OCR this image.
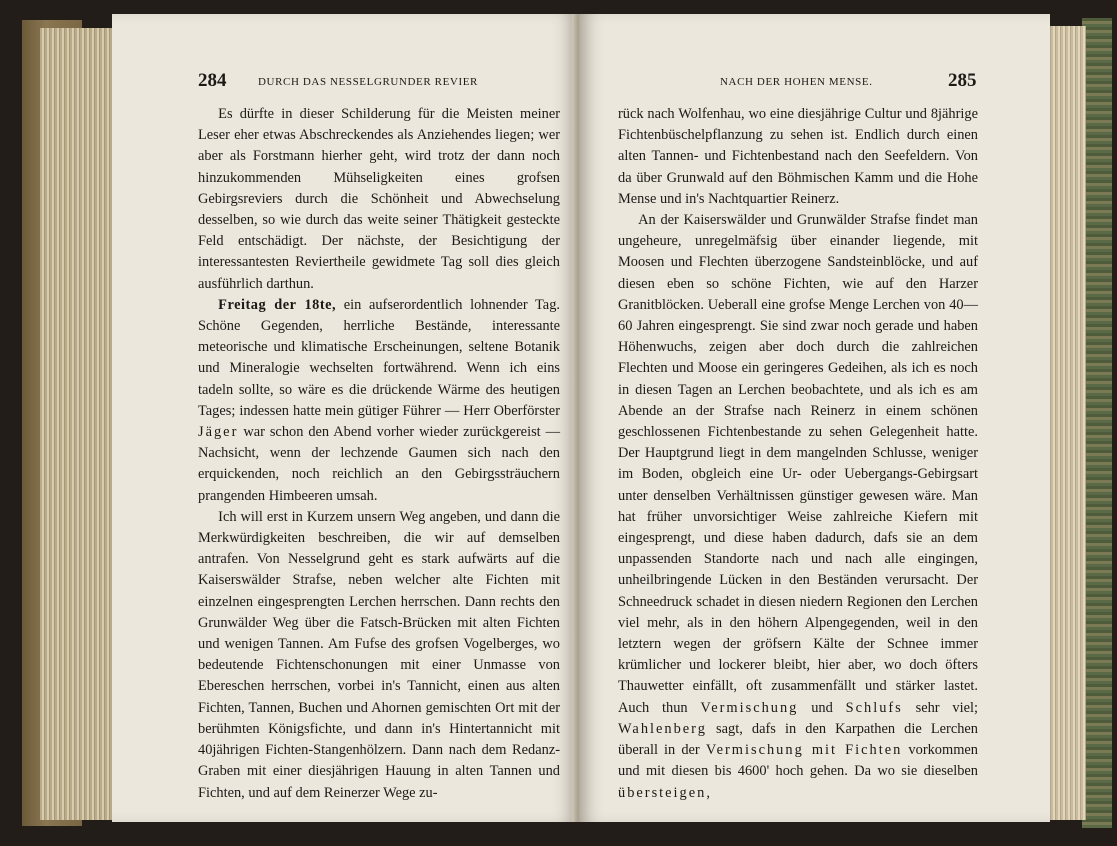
284	DURCH DAS NESSELGRUNDER REVIER

Es dürfte in dieser Schilderung für die Meisten meiner Leser eher etwas Abschreckendes als Anziehendes liegen; wer aber als Forstmann hierher geht, wird trotz der dann noch hinzukommenden Mühseligkeiten eines grofsen Gebirgsreviers durch die Schönheit und Abwechselung desselben, so wie durch das weite seiner Thätigkeit gesteckte Feld entschädigt. Der nächste, der Besichtigung der interessantesten Reviertheile gewidmete Tag soll dies gleich ausführlich darthun.

Freitag der 18te, ein aufserordentlich lohnender Tag. Schöne Gegenden, herrliche Bestände, interessante meteorische und klimatische Erscheinungen, seltene Botanik und Mineralogie wechselten fortwährend. Wenn ich eins tadeln sollte, so wäre es die drückende Wärme des heutigen Tages; indessen hatte mein gütiger Führer — Herr Oberförster Jäger war schon den Abend vorher wieder zurückgereist — Nachsicht, wenn der lechzende Gaumen sich nach den erquickenden, noch reichlich an den Gebirgssträuchern prangenden Himbeeren umsah.

Ich will erst in Kurzem unsern Weg angeben, und dann die Merkwürdigkeiten beschreiben, die wir auf demselben antrafen. Von Nesselgrund geht es stark aufwärts auf die Kaiserswälder Strafse, neben welcher alte Fichten mit einzelnen eingesprengten Lerchen herrschen. Dann rechts den Grunwälder Weg über die Fatsch-Brücken mit alten Fichten und wenigen Tannen. Am Fufse des grofsen Vogelberges, wo bedeutende Fichtenschonungen mit einer Unmasse von Ebereschen herrschen, vorbei in's Tannicht, einen aus alten Fichten, Tannen, Buchen und Ahornen gemischten Ort mit der berühmten Königsfichte, und dann in's Hintertannicht mit 40jährigen Fichten-Stangenhölzern. Dann nach dem Redanz-Graben mit einer diesjährigen Hauung in alten Tannen und Fichten, und auf dem Reinerzer Wege zu-

NACH DER HOHEN MENSE.	285

rück nach Wolfenhau, wo eine diesjährige Cultur und 8jährige Fichtenbüschelpflanzung zu sehen ist. Endlich durch einen alten Tannen- und Fichtenbestand nach den Seefeldern. Von da über Grunwald auf den Böhmischen Kamm und die Hohe Mense und in's Nachtquartier Reinerz.

An der Kaiserswälder und Grunwälder Strafse findet man ungeheure, unregelmäfsig über einander liegende, mit Moosen und Flechten überzogene Sandsteinblöcke, und auf diesen eben so schöne Fichten, wie auf den Harzer Granitblöcken. Ueberall eine grofse Menge Lerchen von 40—60 Jahren eingesprengt. Sie sind zwar noch gerade und haben Höhenwuchs, zeigen aber doch durch die zahlreichen Flechten und Moose ein geringeres Gedeihen, als ich es noch in diesen Tagen an Lerchen beobachtete, und als ich es am Abende an der Strafse nach Reinerz in einem schönen geschlossenen Fichtenbestande zu sehen Gelegenheit hatte. Der Hauptgrund liegt in dem mangelnden Schlusse, weniger im Boden, obgleich eine Ur- oder Uebergangs-Gebirgsart unter denselben Verhältnissen günstiger gewesen wäre. Man hat früher unvorsichtiger Weise zahlreiche Kiefern mit eingesprengt, und diese haben dadurch, dafs sie an dem unpassenden Standorte nach und nach alle eingingen, unheilbringende Lücken in den Beständen verursacht. Der Schneedruck schadet in diesen niedern Regionen den Lerchen viel mehr, als in den höhern Alpengegenden, weil in den letztern wegen der gröfsern Kälte der Schnee immer krümlicher und lockerer bleibt, hier aber, wo doch öfters Thauwetter einfällt, oft zusammenfällt und stärker lastet. Auch thun Vermischung und Schlufs sehr viel; Wahlenberg sagt, dafs in den Karpathen die Lerchen überall in der Vermischung mit Fichten vorkommen und mit diesen bis 4600' hoch gehen. Da wo sie dieselben übersteigen,
